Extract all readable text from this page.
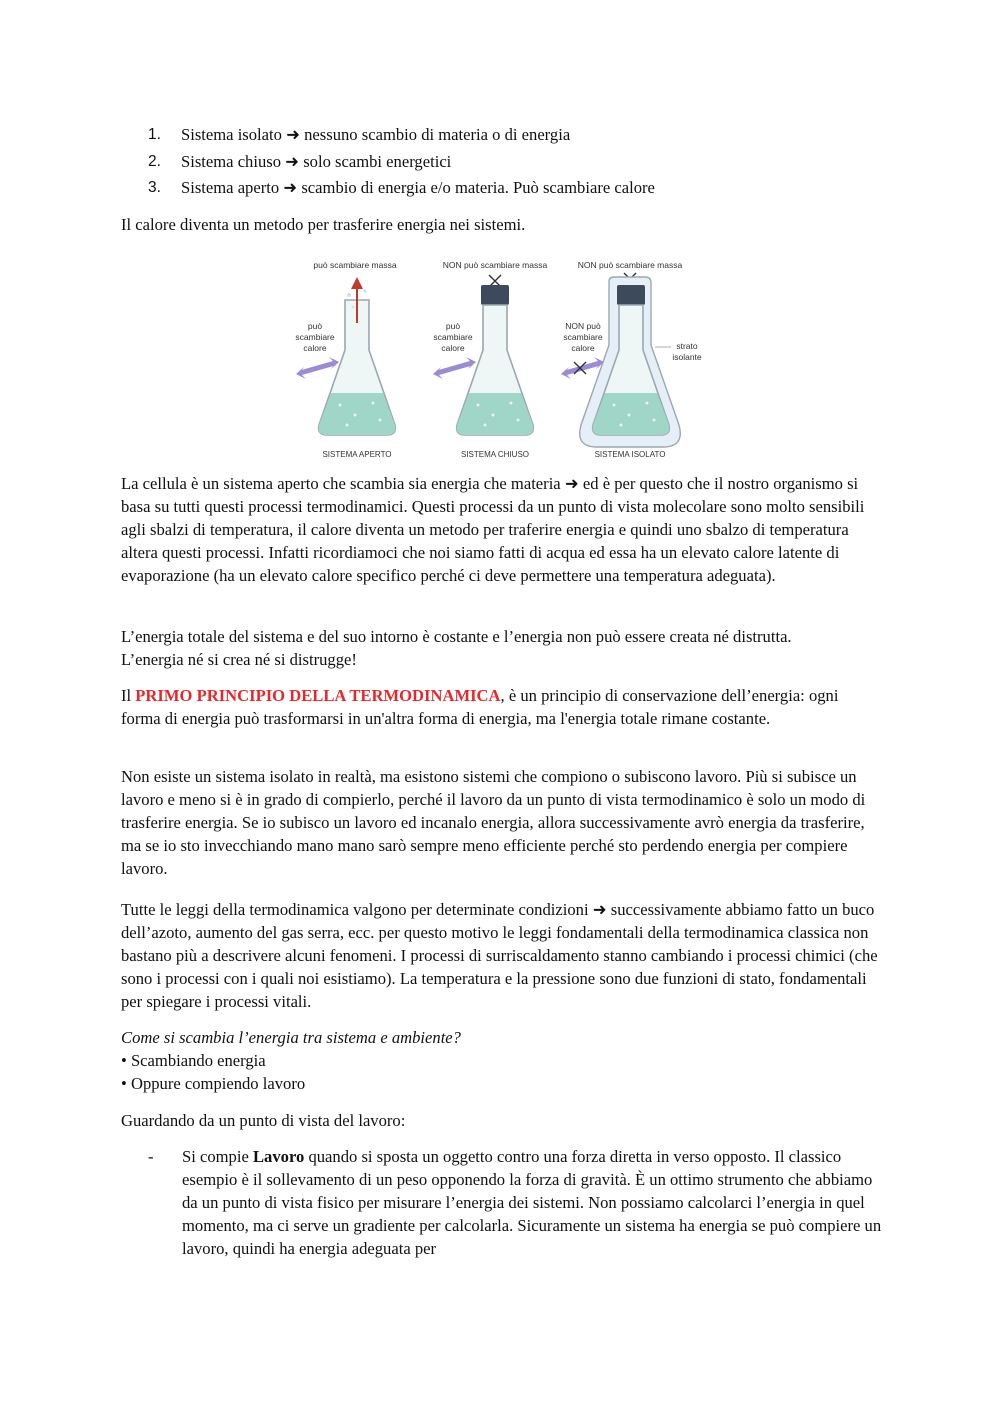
1.	Sistema isolato ➜ nessuno scambio di materia o di energia
2.	Sistema chiuso ➜ solo scambi energetici
3.	Sistema aperto ➜ scambio di energia e/o materia. Può scambiare calore

Il calore diventa un metodo per trasferire energia nei sistemi.

può scambiare massa
può
scambiare
calore
SISTEMA APERTO
NON può scambiare massa
può
scambiare
calore
SISTEMA CHIUSO
NON può scambiare massa
NON può
scambiare
calore	strato
isolante
SISTEMA ISOLATO

La cellula è un sistema aperto che scambia sia energia che materia ➜ ed è per questo che il nostro organismo si basa su tutti questi processi termodinamici. Questi processi da un punto di vista molecolare sono molto sensibili agli sbalzi di temperatura, il calore diventa un metodo per traferire energia e quindi uno sbalzo di temperatura altera questi processi. Infatti ricordiamoci che noi siamo fatti di acqua ed essa ha un elevato calore latente di evaporazione (ha un elevato calore specifico perché ci deve permettere una temperatura adeguata).

L’energia totale del sistema e del suo intorno è costante e l’energia non può essere creata né distrutta.
L’energia né si crea né si distrugge!

Il PRIMO PRINCIPIO DELLA TERMODINAMICA, è un principio di conservazione dell’energia: ogni forma di energia può trasformarsi in un'altra forma di energia, ma l'energia totale rimane costante.

Non esiste un sistema isolato in realtà, ma esistono sistemi che compiono o subiscono lavoro. Più si subisce un lavoro e meno si è in grado di compierlo, perché il lavoro da un punto di vista termodinamico è solo un modo di trasferire energia. Se io subisco un lavoro ed incanalo energia, allora successivamente avrò energia da trasferire, ma se io sto invecchiando mano mano sarò sempre meno efficiente perché sto perdendo energia per compiere lavoro.

Tutte le leggi della termodinamica valgono per determinate condizioni ➜ successivamente abbiamo fatto un buco dell’azoto, aumento del gas serra, ecc. per questo motivo le leggi fondamentali della termodinamica classica non bastano più a descrivere alcuni fenomeni. I processi di surriscaldamento stanno cambiando i processi chimici (che sono i processi con i quali noi esistiamo). La temperatura e la pressione sono due funzioni di stato, fondamentali per spiegare i processi vitali.

Come si scambia l’energia tra sistema e ambiente?
• Scambiando energia
• Oppure compiendo lavoro

Guardando da un punto di vista del lavoro:

-	Si compie Lavoro quando si sposta un oggetto contro una forza diretta in verso opposto. Il classico esempio è il sollevamento di un peso opponendo la forza di gravità. È un ottimo strumento che abbiamo da un punto di vista fisico per misurare l’energia dei sistemi. Non possiamo calcolarci l’energia in quel momento, ma ci serve un gradiente per calcolarla. Sicuramente un sistema ha energia se può compiere un lavoro, quindi ha energia adeguata per
